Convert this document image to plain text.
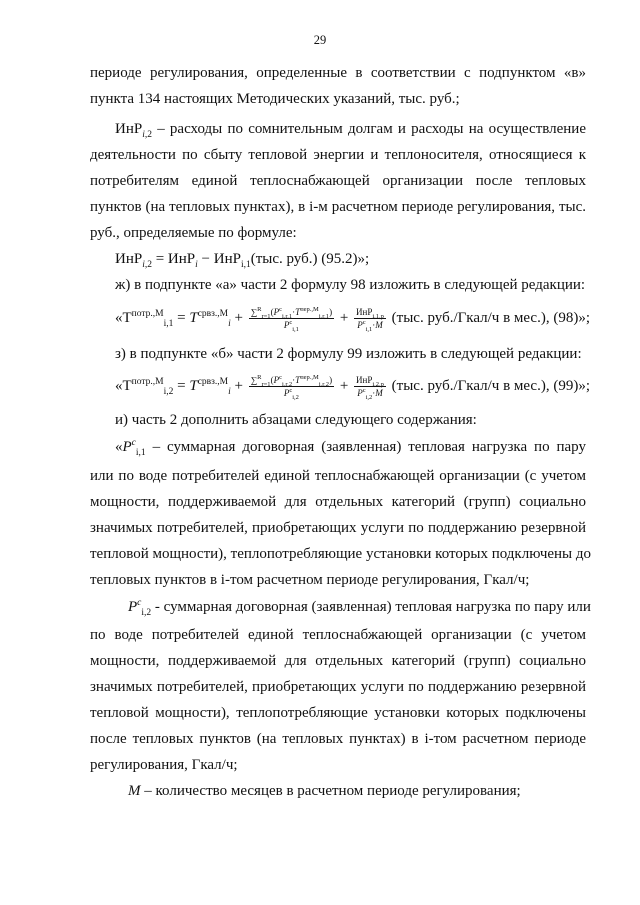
29
периоде регулирования, определенные в соответствии с подпунктом «в»
пункта 134 настоящих Методических указаний, тыс. руб.;
ИнР$_{i,2}$ – расходы по сомнительным долгам и расходы на осуществление
деятельности по сбыту тепловой энергии и теплоносителя, относящиеся к
потребителям единой теплоснабжающей организации после тепловых
пунктов (на тепловых пунктах), в i-м расчетном периоде регулирования, тыс.
руб., определяемые по формуле:
ИнР$_{i,2}$ = ИнР$_i$ − ИнР$_{i,1}$(тыс. руб.) (95.2)»;
ж) в подпункте «а» части 2 формулу 98 изложить в следующей редакции:
«$Т^{потр.,М}_{i,1} = T^{срвз.,М}_i + \frac{\sum^R_{r=1}(P^c_{i,r,1}\cdot T^{пер.,М}_{i,r,1})}{P^c_{i,1}} + \frac{ИнР_{i,1,p}}{P^c_{i,1}\cdot M} (тыс$. руб./Гкал/ч в мес.), (98)»;
з) в подпункте «б» части 2 формулу 99 изложить в следующей редакции:
«$Т^{потр.,М}_{i,2} = T^{срвз.,М}_i + \frac{\sum^R_{r=1}(P^c_{i,r,2}\cdot T^{пер.,М}_{i,r,2})}{P^c_{i,2}} + \frac{ИнР_{i,2,p}}{P^c_{i,2}\cdot M} (тыс$. руб./Гкал/ч в мес.), (99)»;
и) часть 2 дополнить абзацами следующего содержания:
«$P^c_{i,1}$ – суммарная договорная (заявленная) тепловая нагрузка по пару
или по воде потребителей единой теплоснабжающей организации (с учетом
мощности, поддерживаемой для отдельных категорий (групп) социально
значимых потребителей, приобретающих услуги по поддержанию резервной
тепловой мощности), теплопотребляющие установки которых подключены до
тепловых пунктов в i-том расчетном периоде регулирования, Гкал/ч;
$P^c_{i,2}$ - суммарная договорная (заявленная) тепловая нагрузка по пару или
по воде потребителей единой теплоснабжающей организации (с учетом
мощности, поддерживаемой для отдельных категорий (групп) социально
значимых потребителей, приобретающих услуги по поддержанию резервной
тепловой мощности), теплопотребляющие установки которых подключены
после тепловых пунктов (на тепловых пунктах) в i-том расчетном периоде
регулирования, Гкал/ч;
M – количество месяцев в расчетном периоде регулирования;
